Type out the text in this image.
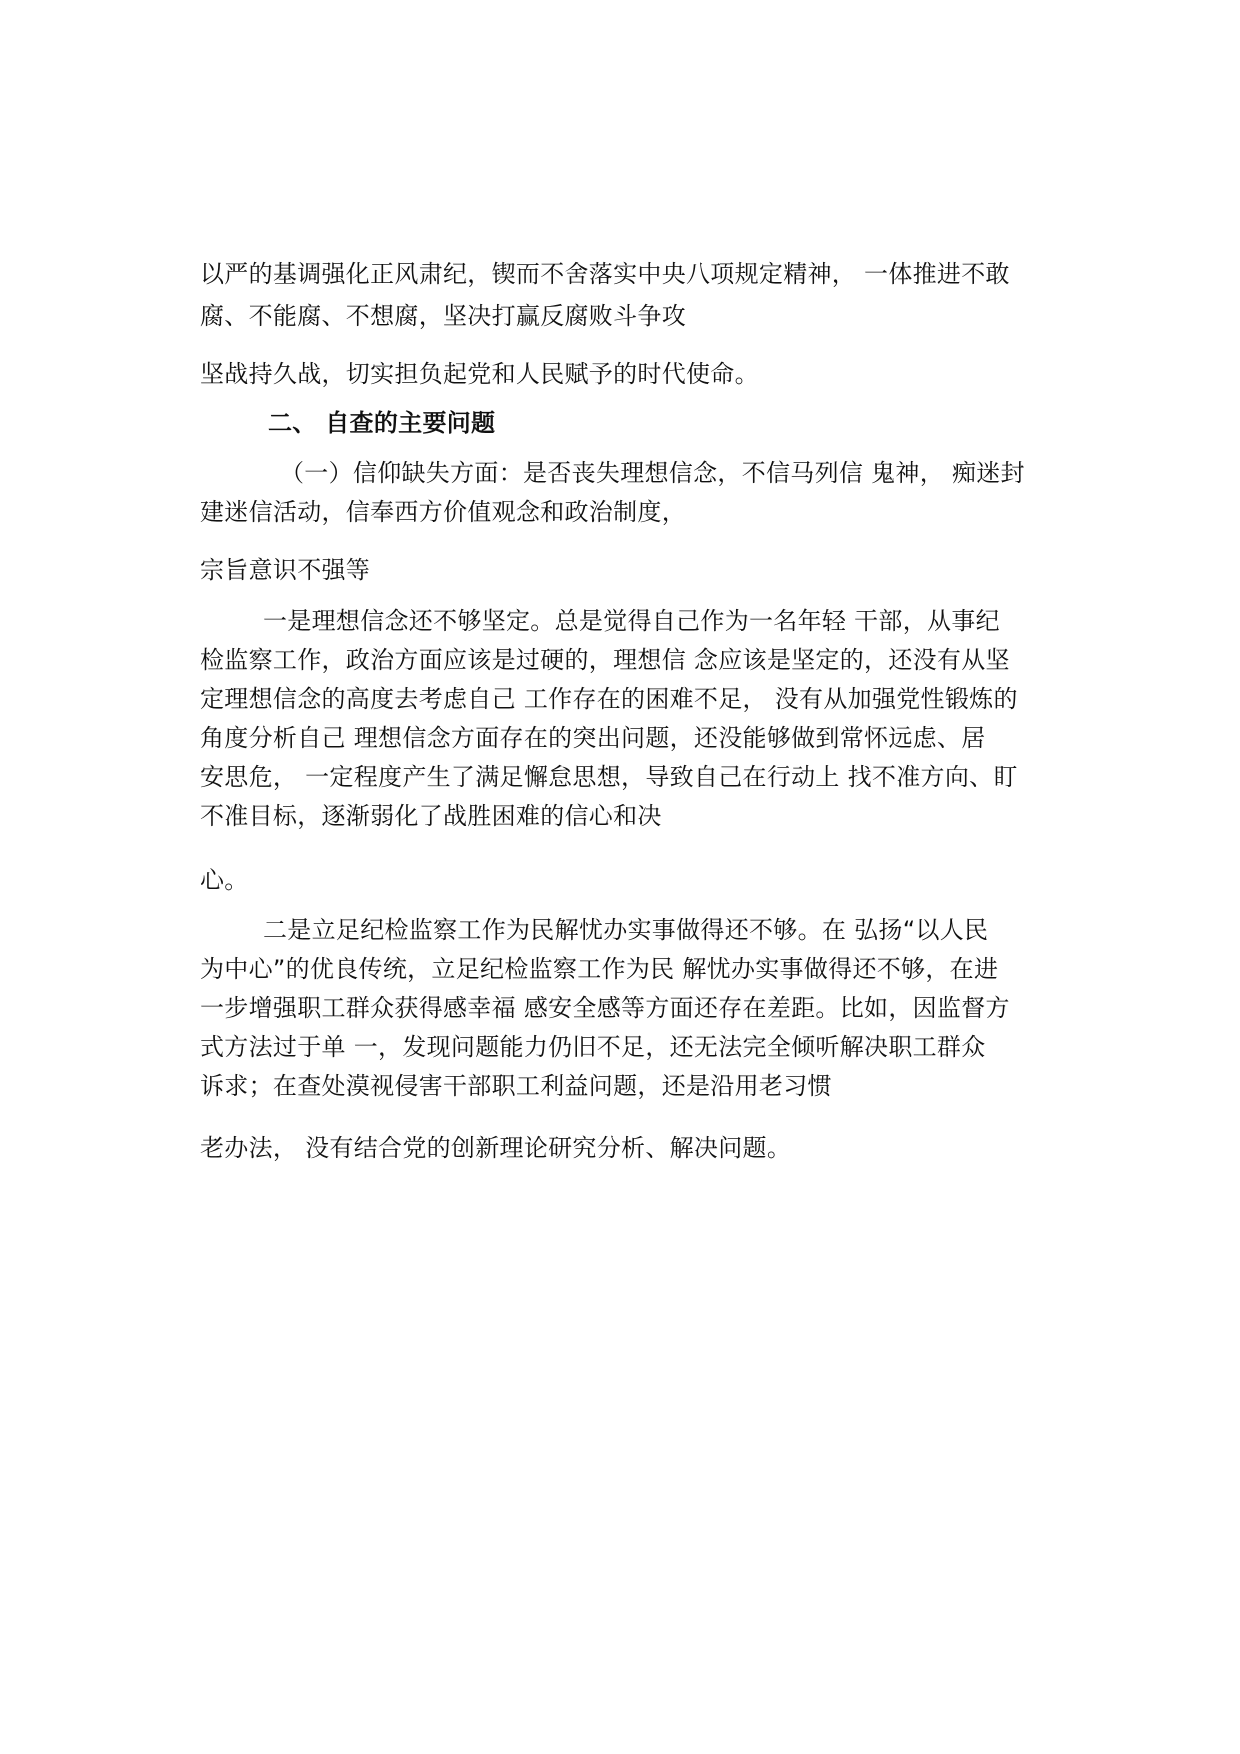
以严的基调强化正风肃纪，锲而不舍落实中央八项规定精神， 一体推进不敢
腐、不能腐、不想腐，坚决打赢反腐败斗争攻
坚战持久战，切实担负起党和人民赋予的时代使命。
二、 自查的主要问题
（一）信仰缺失方面：是否丧失理想信念，不信马列信 鬼神， 痴迷封
建迷信活动，信奉西方价值观念和政治制度，
宗旨意识不强等
一是理想信念还不够坚定。总是觉得自己作为一名年轻 干部，从事纪
检监察工作，政治方面应该是过硬的，理想信 念应该是坚定的，还没有从坚
定理想信念的高度去考虑自己 工作存在的困难不足， 没有从加强党性锻炼的
角度分析自己 理想信念方面存在的突出问题，还没能够做到常怀远虑、居
安思危， 一定程度产生了满足懈怠思想，导致自己在行动上 找不准方向、盯
不准目标，逐渐弱化了战胜困难的信心和决
心。
二是立足纪检监察工作为民解忧办实事做得还不够。在 弘扬“以人民
为中心”的优良传统，立足纪检监察工作为民 解忧办实事做得还不够，在进
一步增强职工群众获得感幸福 感安全感等方面还存在差距。比如，因监督方
式方法过于单 一，发现问题能力仍旧不足，还无法完全倾听解决职工群众
诉求；在查处漠视侵害干部职工利益问题，还是沿用老习惯
老办法， 没有结合党的创新理论研究分析、解决问题。
